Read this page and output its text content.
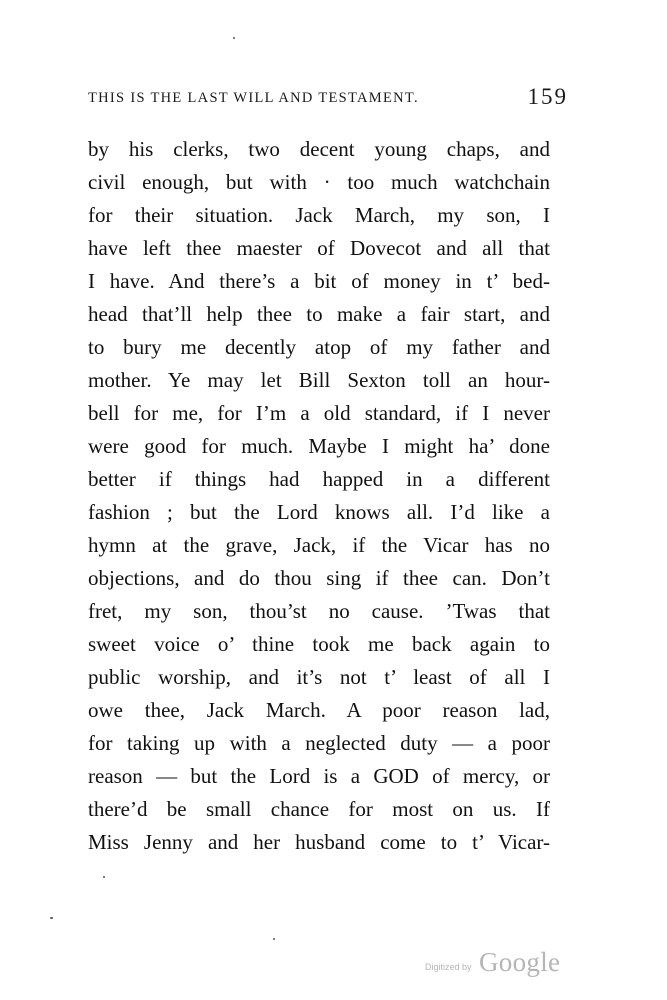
THIS IS THE LAST WILL AND TESTAMENT.	159
by his clerks, two decent young chaps, and
civil enough, but with · too much watchchain
for their situation. Jack March, my son, I
have left thee maester of Dovecot and all that
I have. And there’s a bit of money in t’ bed-
head that’ll help thee to make a fair start, and
to bury me decently atop of my father and
mother. Ye may let Bill Sexton toll an hour-
bell for me, for I’m a old standard, if I never
were good for much. Maybe I might ha’ done
better if things had happed in a different
fashion ; but the Lord knows all. I’d like a
hymn at the grave, Jack, if the Vicar has no
objections, and do thou sing if thee can. Don’t
fret, my son, thou’st no cause. ’Twas that
sweet voice o’ thine took me back again to
public worship, and it’s not t’ least of all I
owe thee, Jack March. A poor reason lad,
for taking up with a neglected duty — a poor
reason — but the Lord is a GOD of mercy, or
there’d be small chance for most on us. If
Miss Jenny and her husband come to t’ Vicar-
Digitized by Google
